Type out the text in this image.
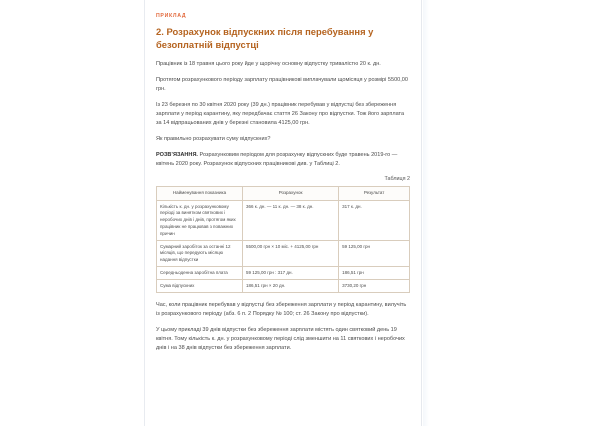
ПРИКЛАД
2. Розрахунок відпускних після перебування у безоплатній відпустці

Працівник із 18 травня цього року йде у щорічну основну відпустку тривалістю 20 к. дн.

Протягом розрахункового періоду зарплату працівникові виплачували щомісяця у розмірі 5500,00 грн.

Із 23 березня по 30 квітня 2020 року (39 дн.) працівник перебував у відпустці без збереження зарплати у період карантину, яку передбачає стаття 26 Закону про відпустки. Тож його зарплата за 14 відпрацьованих днів у березні становила 4125,00 грн.

Як правильно розрахувати суму відпускних?

РОЗВ’ЯЗАННЯ. Розрахунковим періодом для розрахунку відпускних буде травень 2019-го — квітень 2020 року. Розрахунок відпускних працівникові див. у Таблиці 2.

Таблиця 2
Найменування показника	Розрахунок	Результат
Кількість к. дн. у розрахунковому періоді за винятком святкових і неробочих днів і днів, протягом яких працівник не працював з поважних причин	366 к. дн. — 11 к. дн. — 38 к. дн.	317 к. дн.
Сумарний заробіток за останні 12 місяців, що передують місяцю надання відпустки	5500,00 грн × 10 міс. + 4125,00 грн	59 125,00 грн
Середньоденна заробітна плата	59 125,00 грн : 317 дн.	186,51 грн
Сума відпускних	186,51 грн × 20 дн.	3730,20 грн

Час, коли працівник перебував у відпустці без збереження зарплати у період карантину, вилучіть із розрахункового періоду (абз. 6 п. 2 Порядку № 100; ст. 26 Закону про відпустки).

У цьому прикладі 39 днів відпустки без збереження зарплати містять один святковий день 19 квітня. Тому кількість к. дн. у розрахунковому періоді слід зменшити на 11 святкових і неробочих днів і на 38 днів відпустки без збереження зарплати.
